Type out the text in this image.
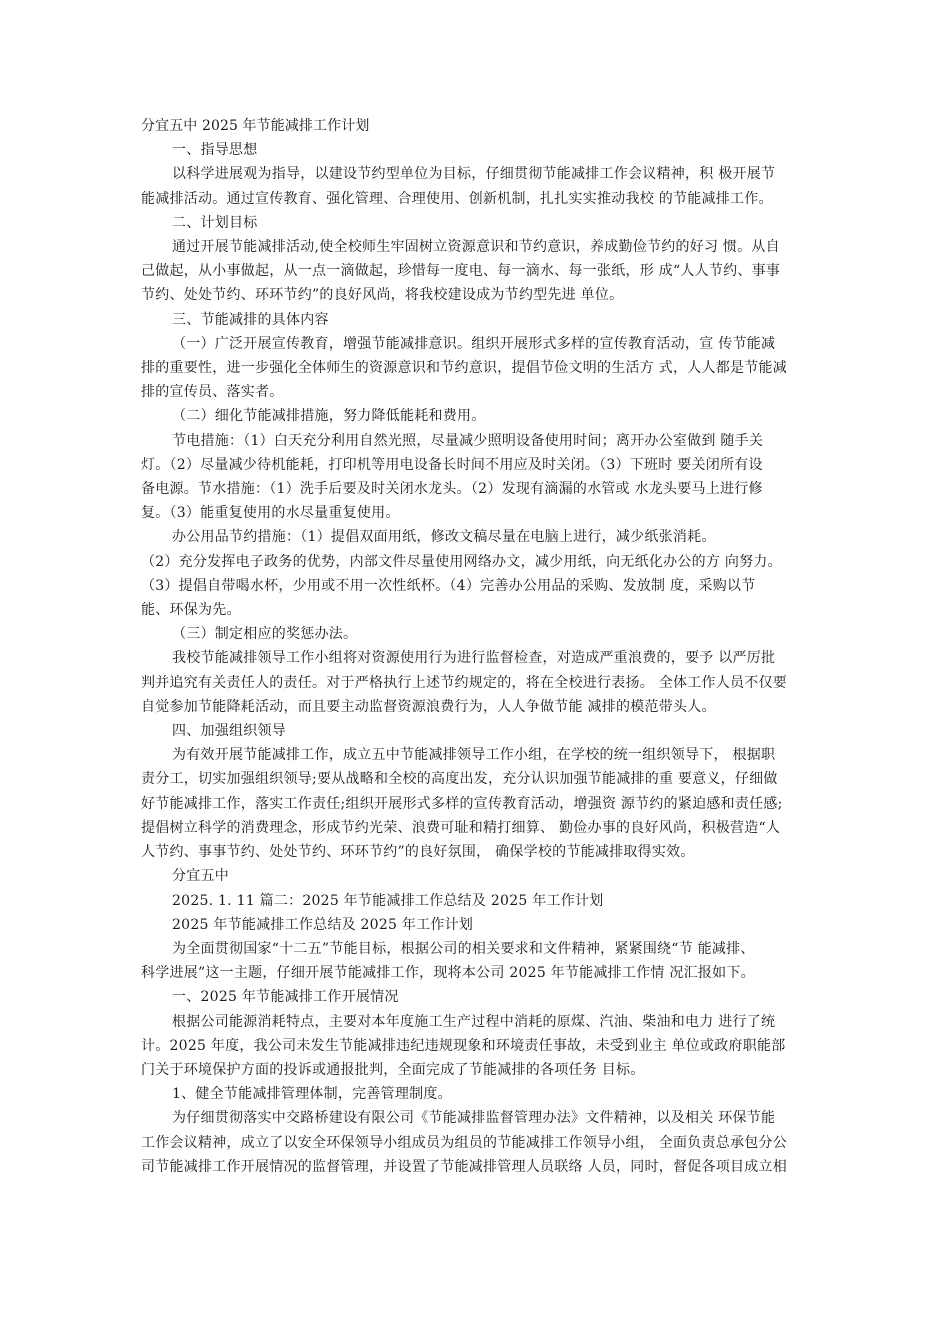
分宜五中 2025 年节能减排工作计划
一、指导思想
以科学进展观为指导，以建设节约型单位为目标，仔细贯彻节能减排工作会议精神，积 极开展节
能减排活动。通过宣传教育、强化管理、合理使用、创新机制，扎扎实实推动我校 的节能减排工作。
二、计划目标
通过开展节能减排活动,使全校师生牢固树立资源意识和节约意识，养成勤俭节约的好习 惯。从自
己做起，从小事做起，从一点一滴做起，珍惜每一度电、每一滴水、每一张纸，形 成“人人节约、事事
节约、处处节约、环环节约”的良好风尚，将我校建设成为节约型先进 单位。
三、节能减排的具体内容
（一）广泛开展宣传教育，增强节能减排意识。组织开展形式多样的宣传教育活动，宣 传节能减
排的重要性，进一步强化全体师生的资源意识和节约意识，提倡节俭文明的生活方 式，人人都是节能减
排的宣传员、落实者。
（二）细化节能减排措施，努力降低能耗和费用。
节电措施：（1）白天充分利用自然光照，尽量减少照明设备使用时间；离开办公室做到 随手关
灯。（2）尽量减少待机能耗，打印机等用电设备长时间不用应及时关闭。（3）下班时 要关闭所有设
备电源。节水措施：（1）洗手后要及时关闭水龙头。（2）发现有滴漏的水管或 水龙头要马上进行修
复。（3）能重复使用的水尽量重复使用。
办公用品节约措施：（1）提倡双面用纸，修改文稿尽量在电脑上进行，减少纸张消耗。
（2）充分发挥电子政务的优势，内部文件尽量使用网络办文，减少用纸，向无纸化办公的方 向努力。
（3）提倡自带喝水杯，少用或不用一次性纸杯。（4）完善办公用品的采购、发放制 度，采购以节
能、环保为先。
（三）制定相应的奖惩办法。
我校节能减排领导工作小组将对资源使用行为进行监督检查，对造成严重浪费的，要予 以严厉批
判并追究有关责任人的责任。对于严格执行上述节约规定的，将在全校进行表扬。 全体工作人员不仅要
自觉参加节能降耗活动，而且要主动监督资源浪费行为，人人争做节能 减排的模范带头人。
四、加强组织领导
为有效开展节能减排工作，成立五中节能减排领导工作小组，在学校的统一组织领导下， 根据职
责分工，切实加强组织领导;要从战略和全校的高度出发，充分认识加强节能减排的重 要意义，仔细做
好节能减排工作，落实工作责任;组织开展形式多样的宣传教育活动，增强资 源节约的紧迫感和责任感;
提倡树立科学的消费理念，形成节约光荣、浪费可耻和精打细算、 勤俭办事的良好风尚，积极营造“人
人节约、事事节约、处处节约、环环节约”的良好氛围， 确保学校的节能减排取得实效。
分宜五中
2025. 1. 11 篇二：2025 年节能减排工作总结及 2025 年工作计划
2025 年节能减排工作总结及 2025 年工作计划
为全面贯彻国家“十二五”节能目标，根据公司的相关要求和文件精神，紧紧围绕“节 能减排、
科学进展”这一主题，仔细开展节能减排工作，现将本公司 2025 年节能减排工作情 况汇报如下。
一、2025 年节能减排工作开展情况
根据公司能源消耗特点，主要对本年度施工生产过程中消耗的原煤、汽油、柴油和电力 进行了统
计。2025 年度，我公司未发生节能减排违纪违规现象和环境责任事故，未受到业主 单位或政府职能部
门关于环境保护方面的投诉或通报批判，全面完成了节能减排的各项任务 目标。
1、健全节能减排管理体制，完善管理制度。
为仔细贯彻落实中交路桥建设有限公司《节能减排监督管理办法》文件精神，以及相关 环保节能
工作会议精神，成立了以安全环保领导小组成员为组员的节能减排工作领导小组， 全面负责总承包分公
司节能减排工作开展情况的监督管理，并设置了节能减排管理人员联络 人员，同时，督促各项目成立相
